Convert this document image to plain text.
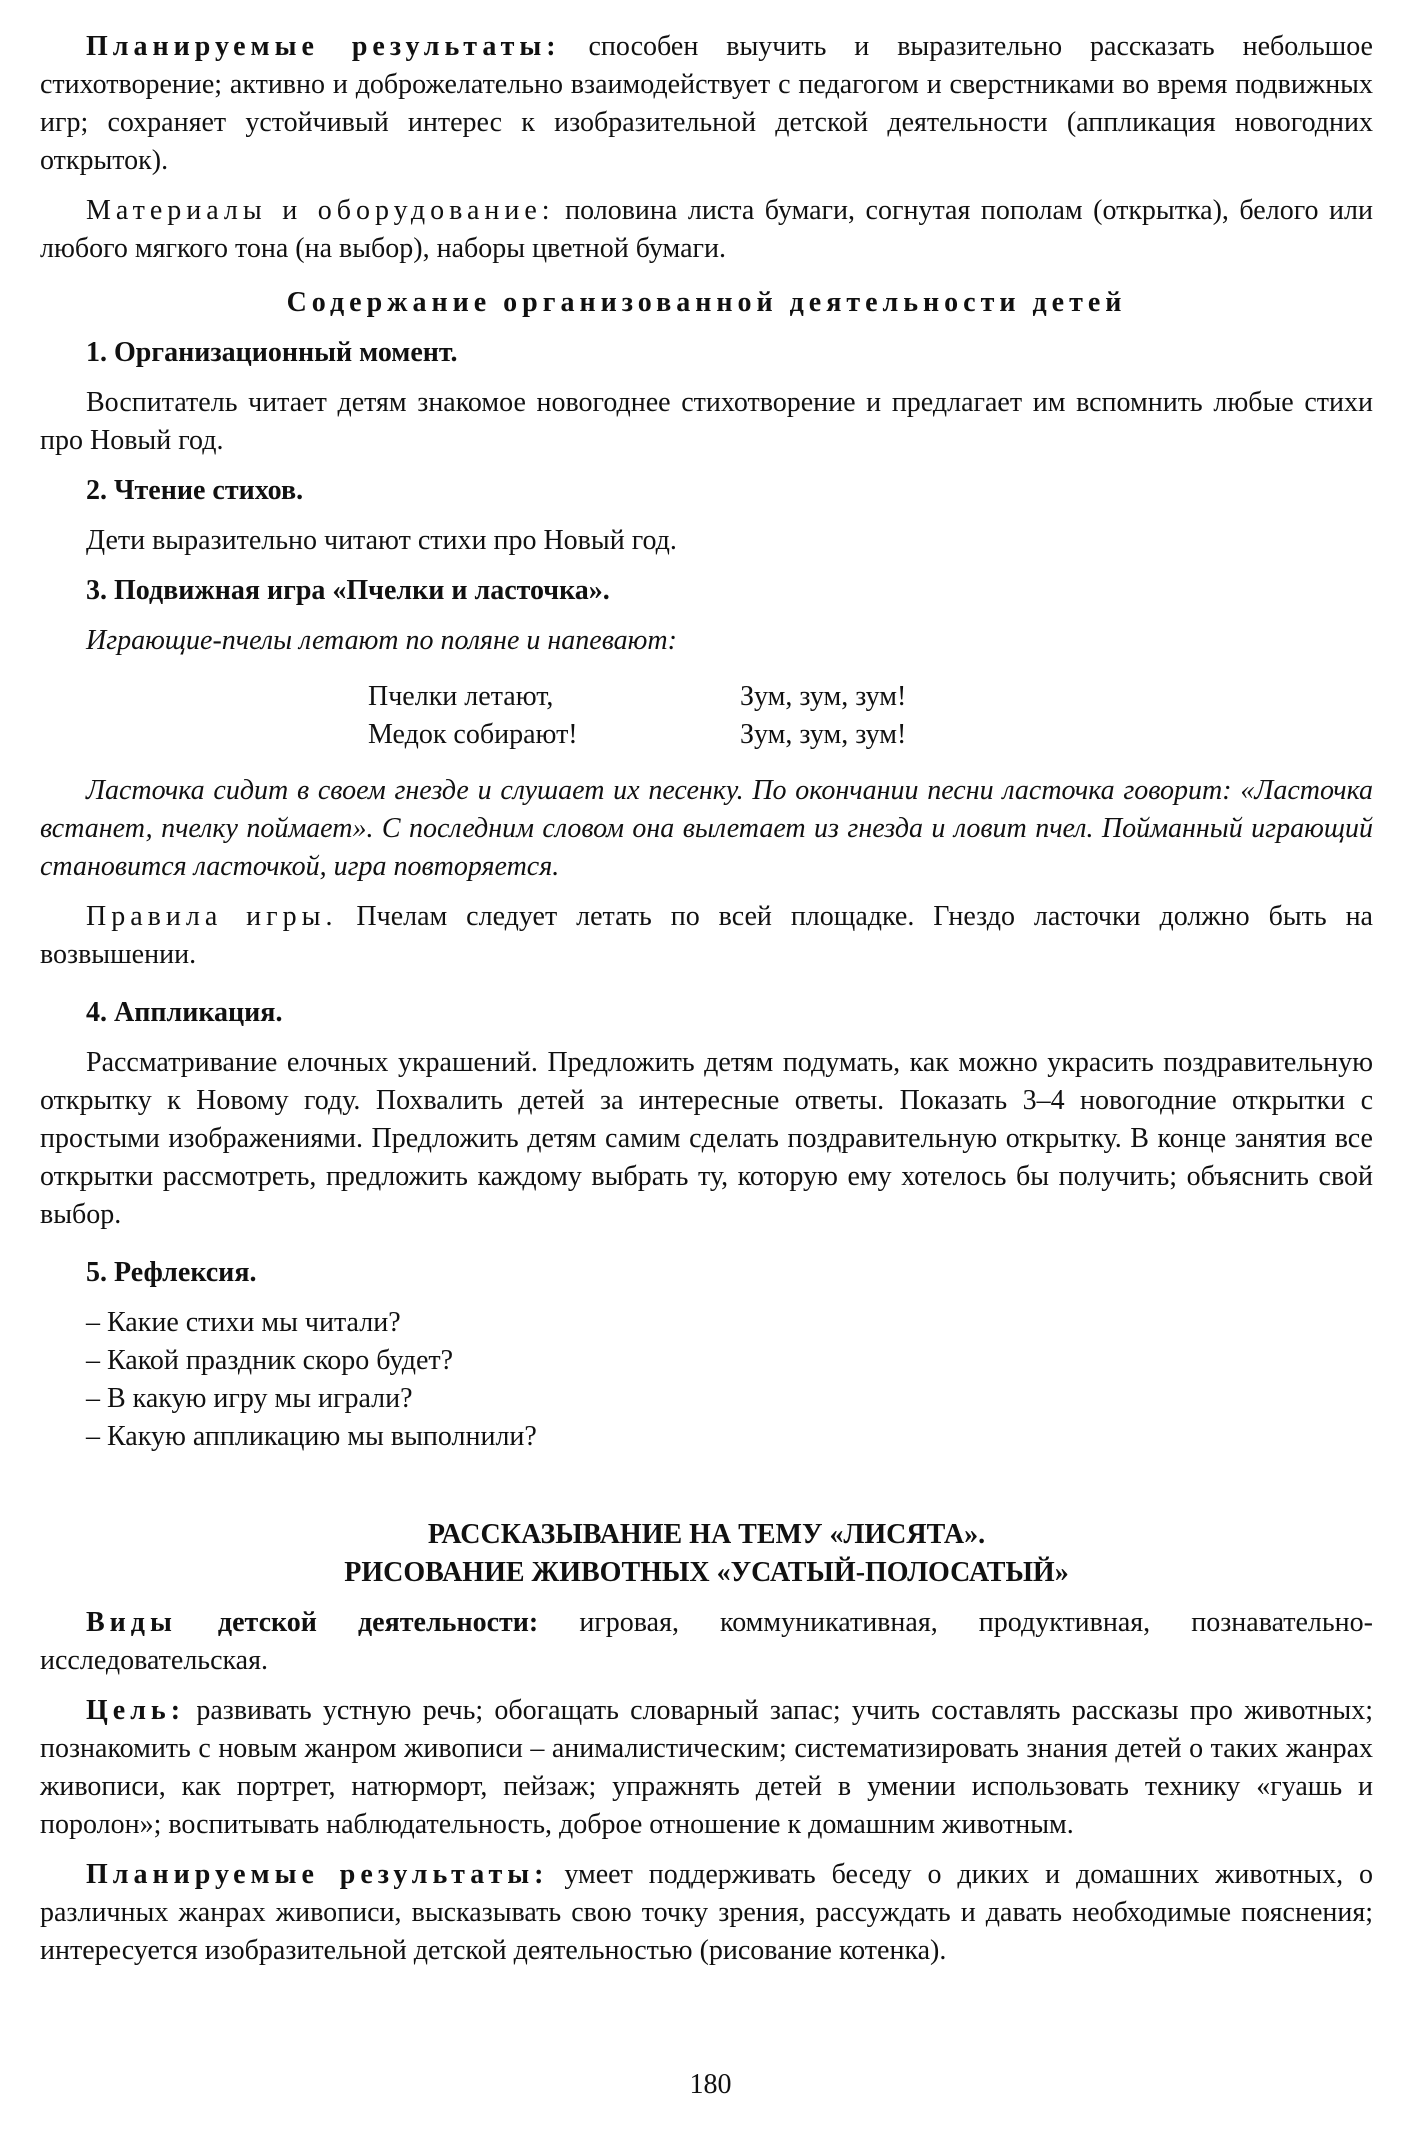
Планируемые результаты: способен выучить и выразительно рассказать небольшое стихотворение; активно и доброжелательно взаимодействует с педагогом и сверстниками во время подвижных игр; сохраняет устойчивый интерес к изобразительной детской деятельности (аппликация новогодних открыток).

Материалы и оборудование: половина листа бумаги, согнутая пополам (открытка), белого или любого мягкого тона (на выбор), наборы цветной бумаги.

Содержание организованной деятельности детей

1. Организационный момент.

Воспитатель читает детям знакомое новогоднее стихотворение и предлагает им вспомнить любые стихи про Новый год.

2. Чтение стихов.

Дети выразительно читают стихи про Новый год.

3. Подвижная игра «Пчелки и ласточка».

Играющие-пчелы летают по поляне и напевают:

Пчелки летают,	Зум, зум, зум!
Медок собирают!	Зум, зум, зум!

Ласточка сидит в своем гнезде и слушает их песенку. По окончании песни ласточка говорит: «Ласточка встанет, пчелку поймает». С последним словом она вылетает из гнезда и ловит пчел. Пойманный играющий становится ласточкой, игра повторяется.

Правила игры. Пчелам следует летать по всей площадке. Гнездо ласточки должно быть на возвышении.

4. Аппликация.

Рассматривание елочных украшений. Предложить детям подумать, как можно украсить поздравительную открытку к Новому году. Похвалить детей за интересные ответы. Показать 3–4 новогодние открытки с простыми изображениями. Предложить детям самим сделать поздравительную открытку. В конце занятия все открытки рассмотреть, предложить каждому выбрать ту, которую ему хотелось бы получить; объяснить свой выбор.

5. Рефлексия.

– Какие стихи мы читали?

– Какой праздник скоро будет?

– В какую игру мы играли?

– Какую аппликацию мы выполнили?

РАССКАЗЫВАНИЕ НА ТЕМУ «ЛИСЯТА».
РИСОВАНИЕ ЖИВОТНЫХ «УСАТЫЙ-ПОЛОСАТЫЙ»

Виды детской деятельности: игровая, коммуникативная, продуктивная, познавательно-исследовательская.

Цель: развивать устную речь; обогащать словарный запас; учить составлять рассказы про животных; познакомить с новым жанром живописи – анималистическим; систематизировать знания детей о таких жанрах живописи, как портрет, натюрморт, пейзаж; упражнять детей в умении использовать технику «гуашь и поролон»; воспитывать наблюдательность, доброе отношение к домашним животным.

Планируемые результаты: умеет поддерживать беседу о диких и домашних животных, о различных жанрах живописи, высказывать свою точку зрения, рассуждать и давать необходимые пояснения; интересуется изобразительной детской деятельностью (рисование котенка).

180
